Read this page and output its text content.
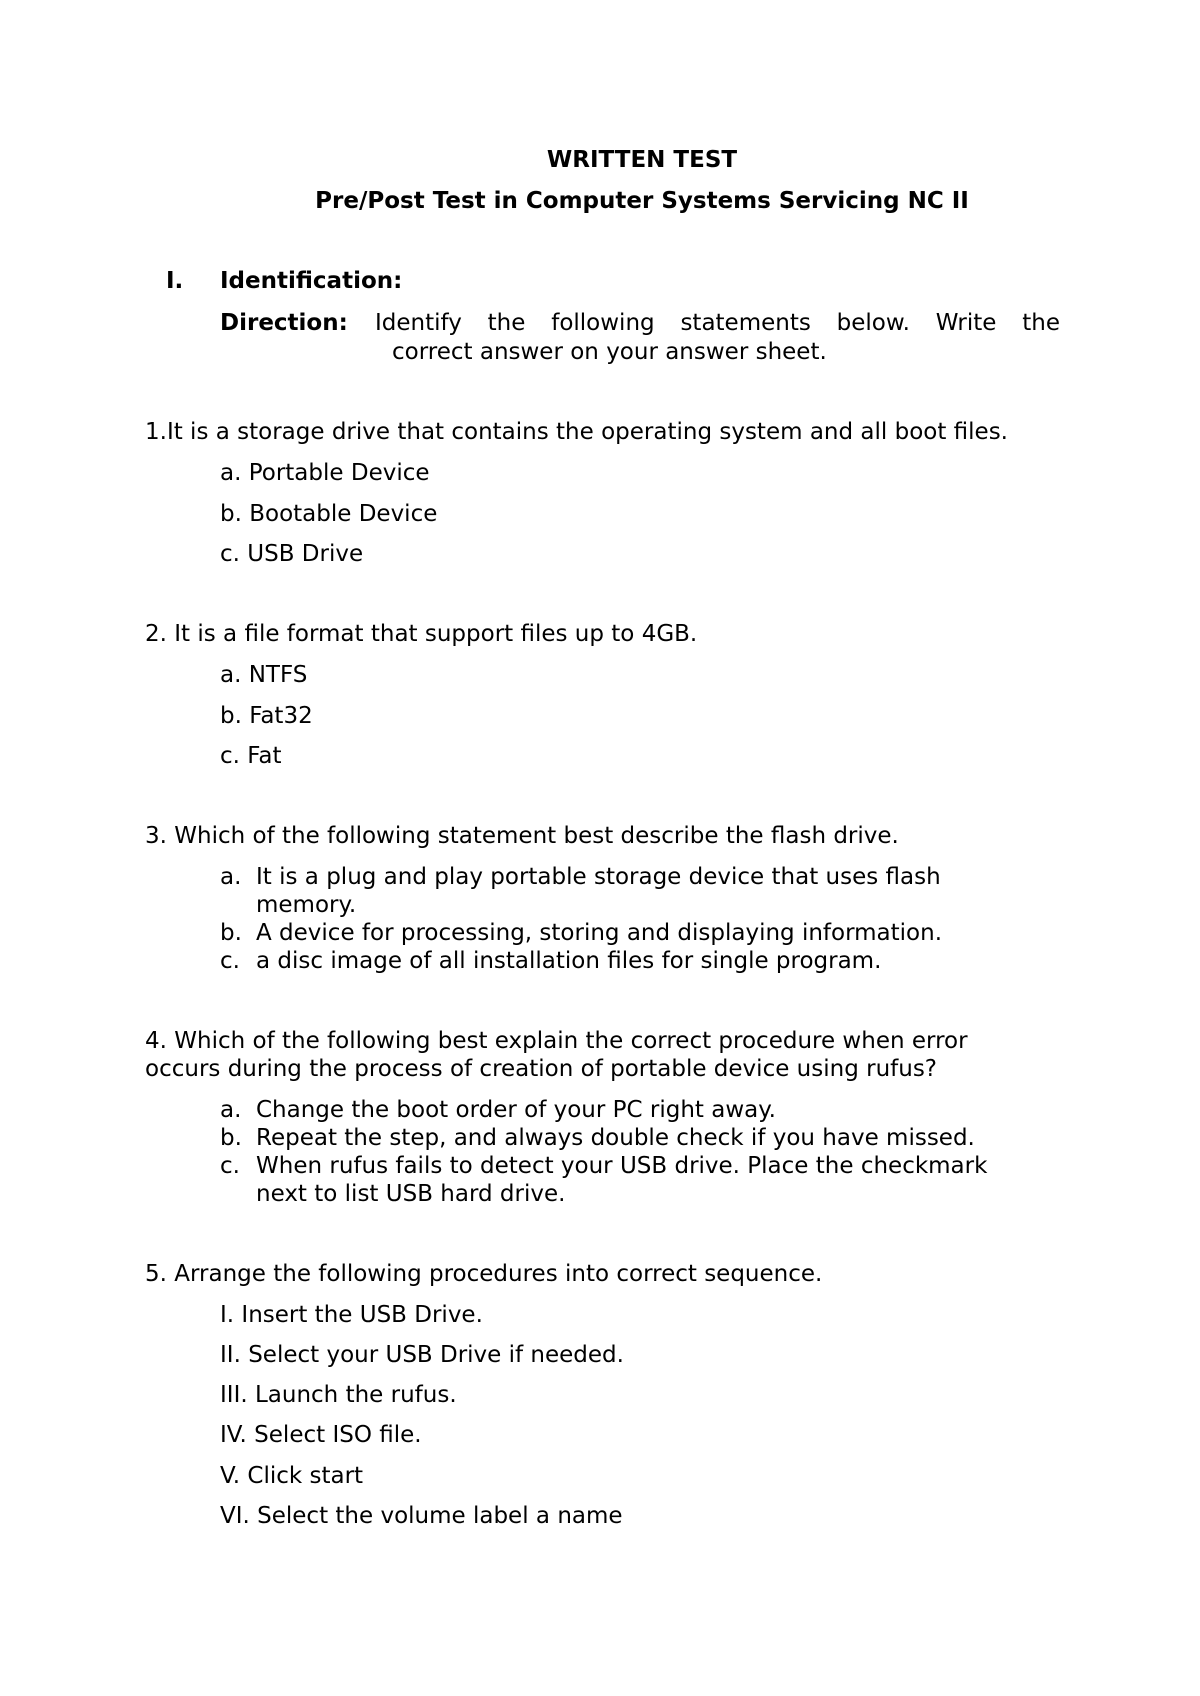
WRITTEN TEST
Pre/Post Test in Computer Systems Servicing NC II
I. Identification:
Direction: Identify the following statements below. Write the
correct answer on your answer sheet.
1.It is a storage drive that contains the operating system and all boot files.
a. Portable Device
b. Bootable Device
c. USB Drive
2. It is a file format that support files up to 4GB.
a. NTFS
b. Fat32
c. Fat
3. Which of the following statement best describe the flash drive.
a. It is a plug and play portable storage device that uses flash
memory.
b. A device for processing, storing and displaying information.
c. a disc image of all installation files for single program.
4. Which of the following best explain the correct procedure when error
occurs during the process of creation of portable device using rufus?
a. Change the boot order of your PC right away.
b. Repeat the step, and always double check if you have missed.
c. When rufus fails to detect your USB drive. Place the checkmark
next to list USB hard drive.
5. Arrange the following procedures into correct sequence.
I. Insert the USB Drive.
II. Select your USB Drive if needed.
III. Launch the rufus.
IV. Select ISO file.
V. Click start
VI. Select the volume label a name
